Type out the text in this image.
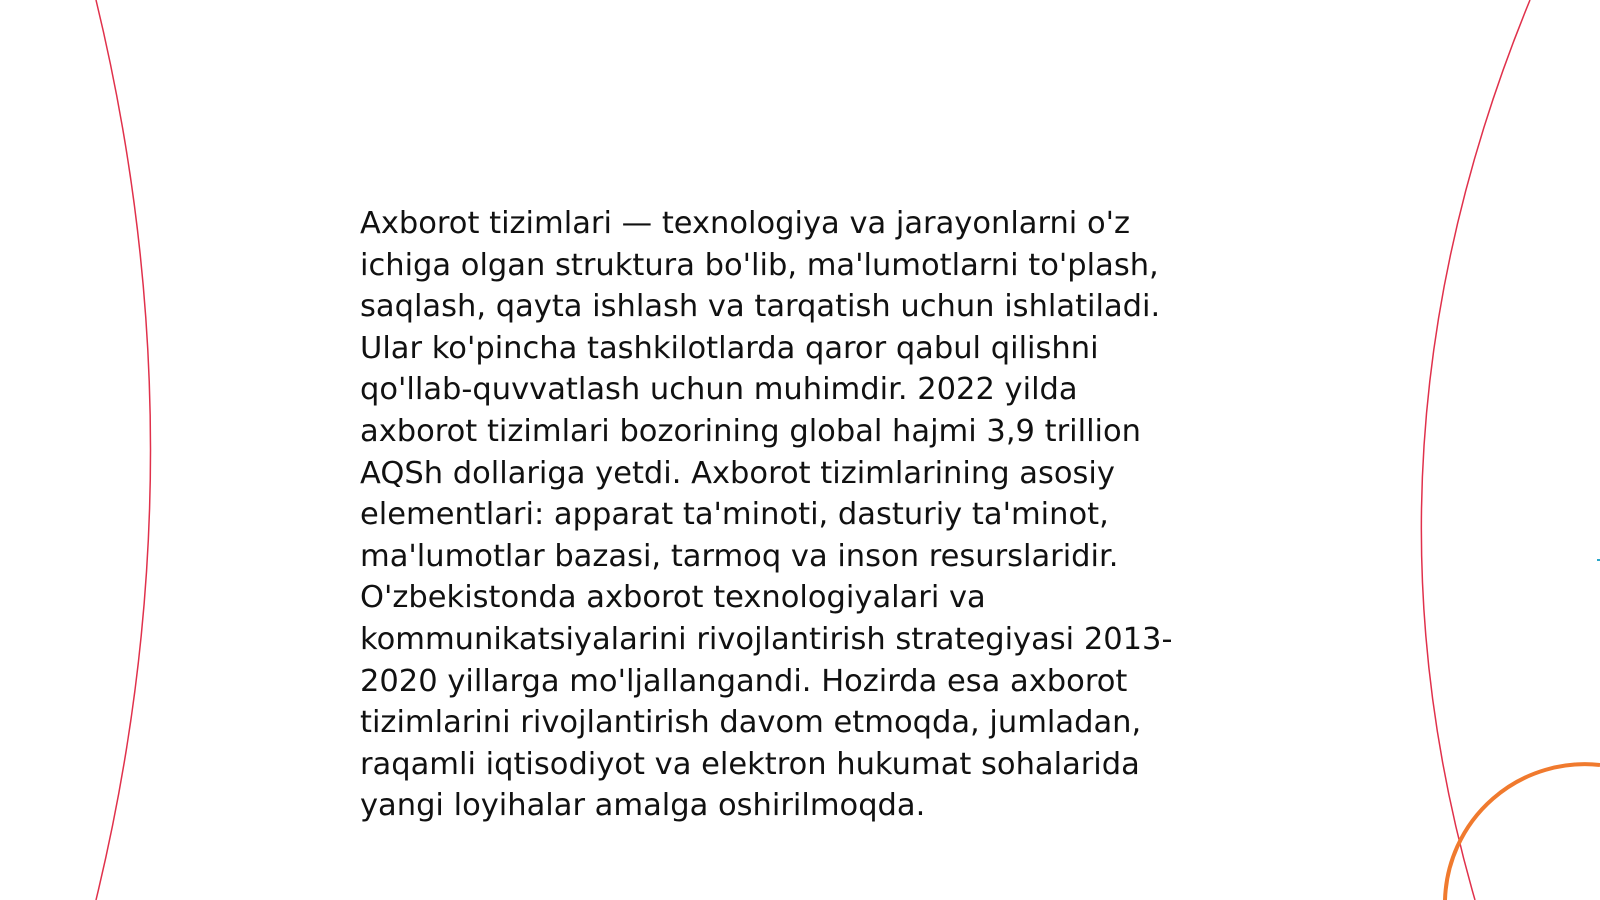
Axborot tizimlari — texnologiya va jarayonlarni o'z
ichiga olgan struktura bo'lib, ma'lumotlarni to'plash,
saqlash, qayta ishlash va tarqatish uchun ishlatiladi.
Ular ko'pincha tashkilotlarda qaror qabul qilishni
qo'llab-quvvatlash uchun muhimdir. 2022 yilda
axborot tizimlari bozorining global hajmi 3,9 trillion
AQSh dollariga yetdi. Axborot tizimlarining asosiy
elementlari: apparat ta'minoti, dasturiy ta'minot,
ma'lumotlar bazasi, tarmoq va inson resurslaridir.
O'zbekistonda axborot texnologiyalari va
kommunikatsiyalarini rivojlantirish strategiyasi 2013-
2020 yillarga mo'ljallangandi. Hozirda esa axborot
tizimlarini rivojlantirish davom etmoqda, jumladan,
raqamli iqtisodiyot va elektron hukumat sohalarida
yangi loyihalar amalga oshirilmoqda.
